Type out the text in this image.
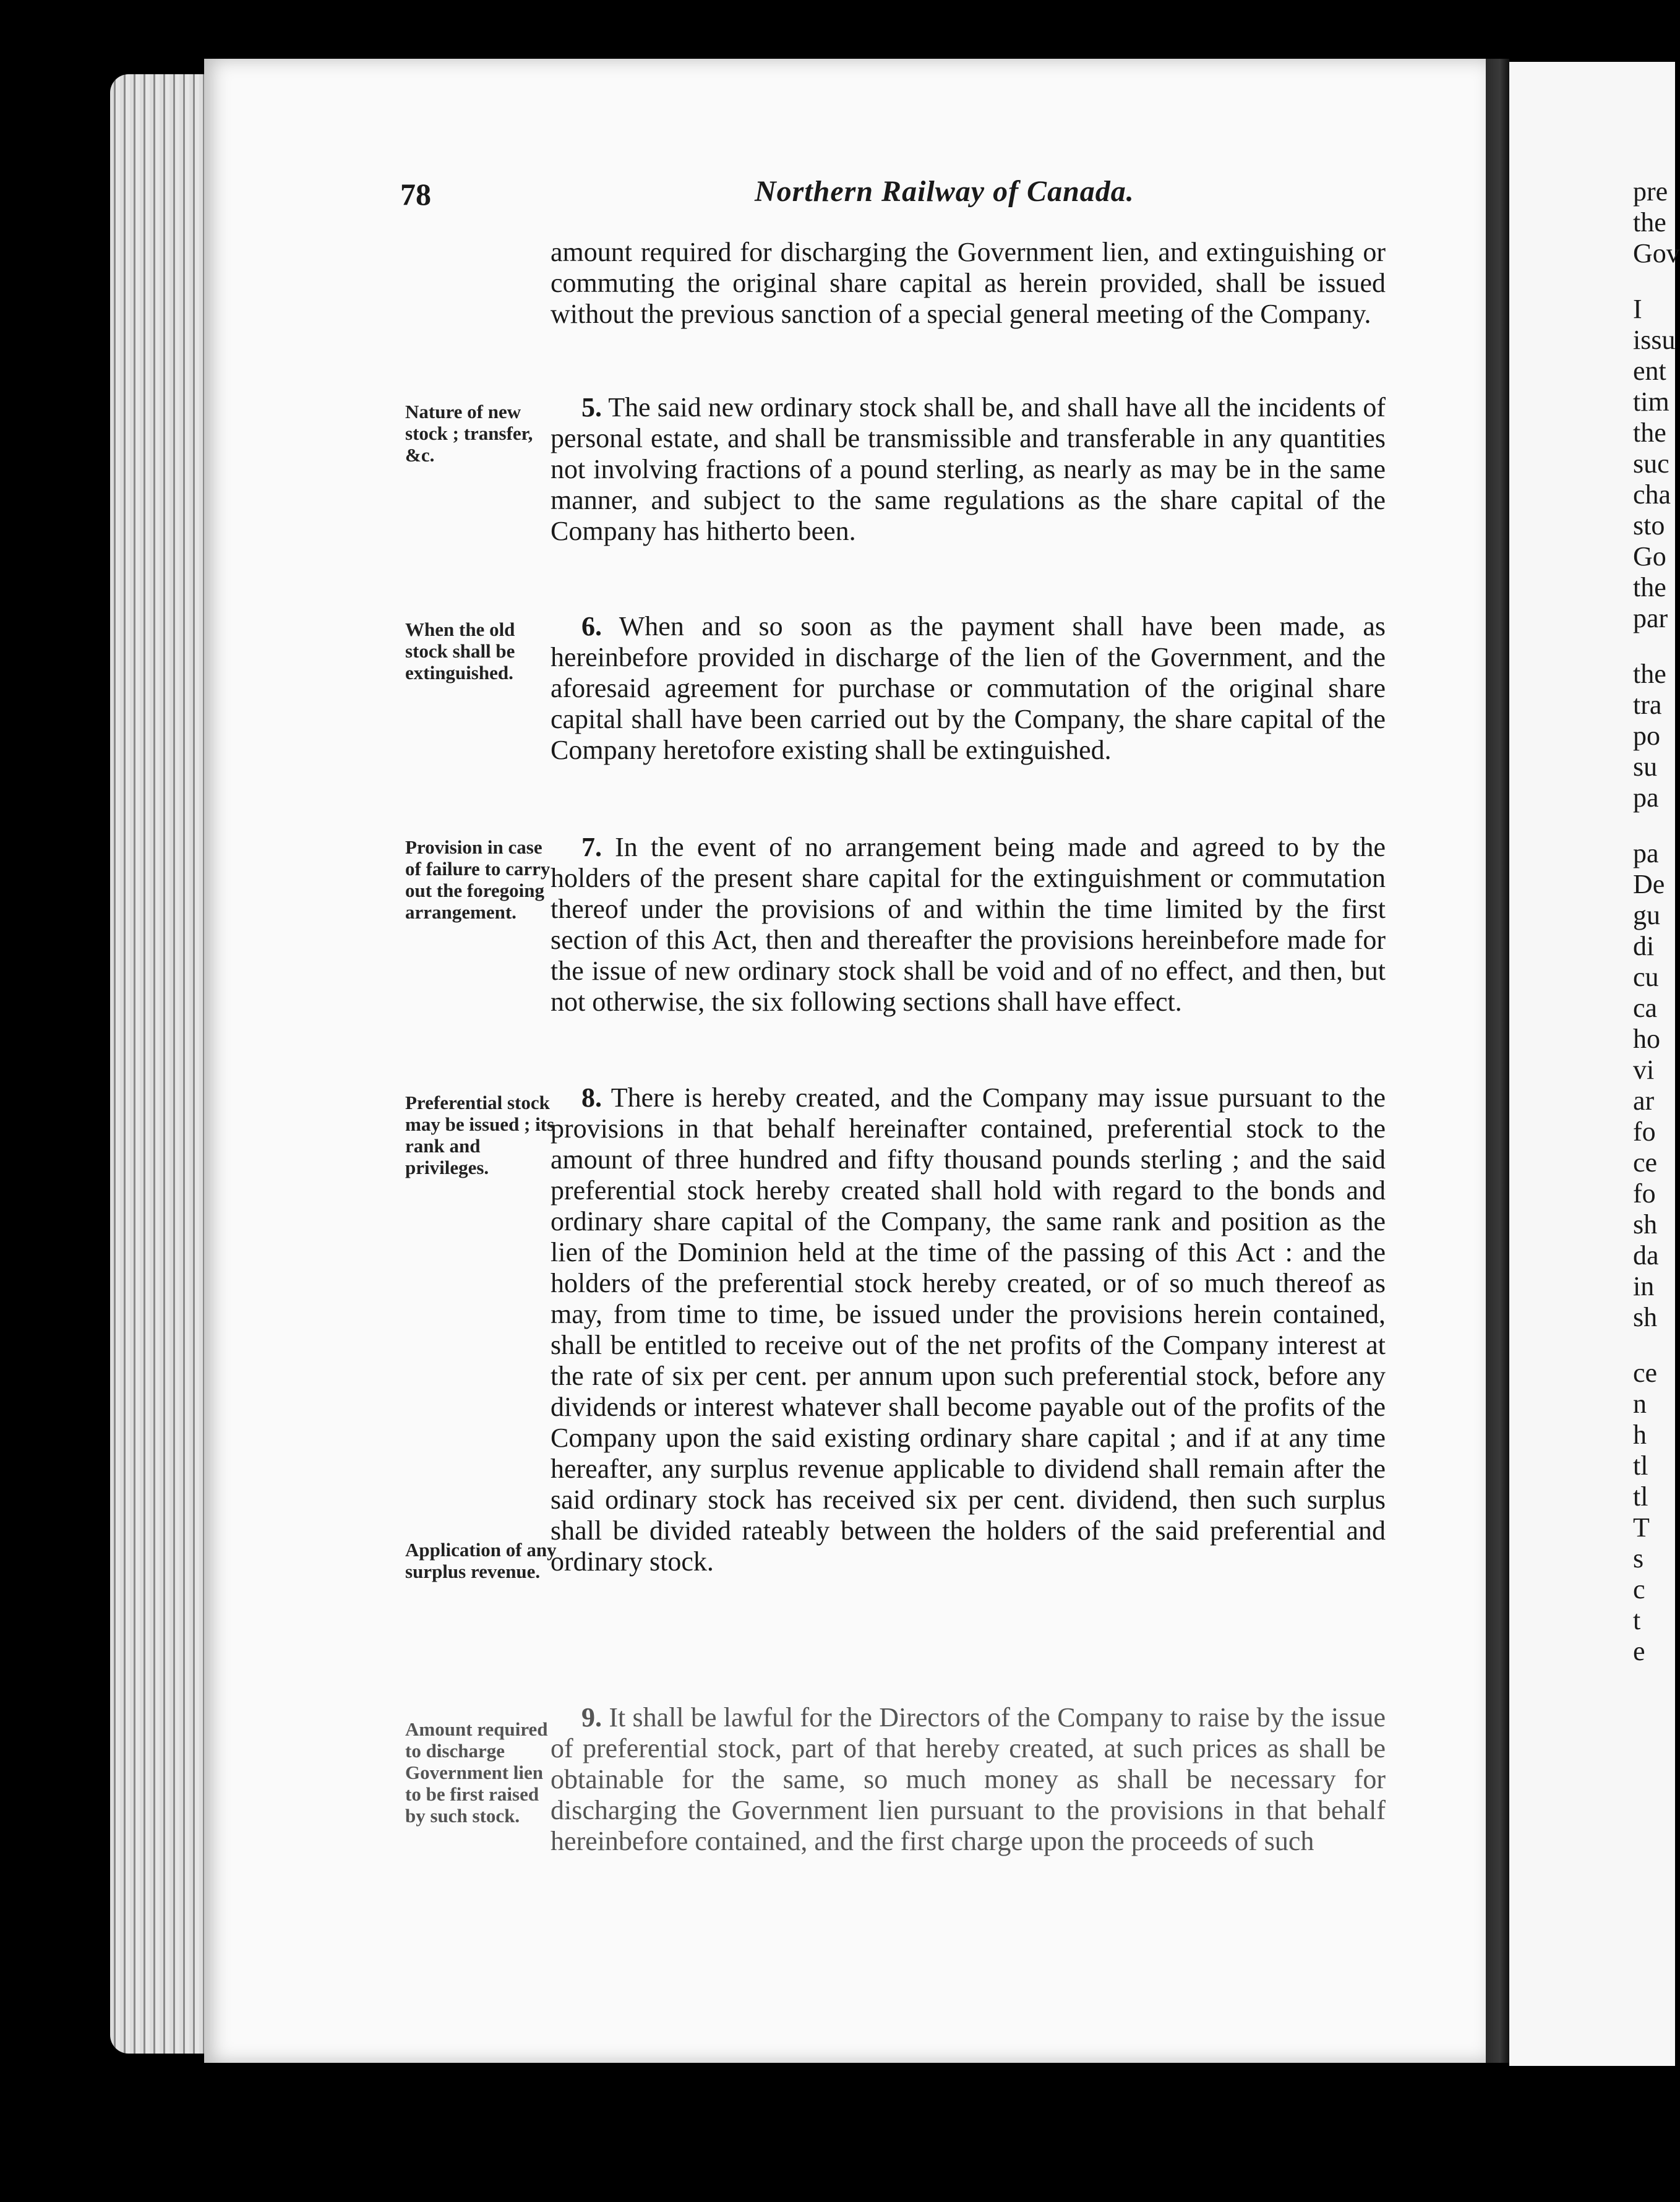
78	Northern Railway of Canada.
amount required for discharging the Government lien, and extinguishing or commuting the original share capital as herein provided, shall be issued without the previous sanction of a special general meeting of the Company.
Nature of new stock ; transfer, &c.
5. The said new ordinary stock shall be, and shall have all the incidents of personal estate, and shall be transmissible and transferable in any quantities not involving fractions of a pound sterling, as nearly as may be in the same manner, and subject to the same regulations as the share capital of the Company has hitherto been.
When the old stock shall be extinguished.
6. When and so soon as the payment shall have been made, as hereinbefore provided in discharge of the lien of the Government, and the aforesaid agreement for purchase or commutation of the original share capital shall have been carried out by the Company, the share capital of the Company heretofore existing shall be extinguished.
Provision in case of failure to carry out the foregoing arrangement.
7. In the event of no arrangement being made and agreed to by the holders of the present share capital for the extinguishment or commutation thereof under the provisions of and within the time limited by the first section of this Act, then and thereafter the provisions hereinbefore made for the issue of new ordinary stock shall be void and of no effect, and then, but not otherwise, the six following sections shall have effect.
Preferential stock may be issued ; its rank and privileges.
Application of any surplus revenue.
8. There is hereby created, and the Company may issue pursuant to the provisions in that behalf hereinafter contained, preferential stock to the amount of three hundred and fifty thousand pounds sterling ; and the said preferential stock hereby created shall hold with regard to the bonds and ordinary share capital of the Company, the same rank and position as the lien of the Dominion held at the time of the passing of this Act : and the holders of the preferential stock hereby created, or of so much thereof as may, from time to time, be issued under the provisions herein contained, shall be entitled to receive out of the net profits of the Company interest at the rate of six per cent. per annum upon such preferential stock, before any dividends or interest whatever shall become payable out of the profits of the Company upon the said existing ordinary share capital ; and if at any time hereafter, any surplus revenue applicable to dividend shall remain after the said ordinary stock has received six per cent. dividend, then such surplus shall be divided rateably between the holders of the said preferential and ordinary stock.
Amount required to discharge Government lien to be first raised by such stock.
9. It shall be lawful for the Directors of the Company to raise by the issue of preferential stock, part of that hereby created, at such prices as shall be obtainable for the same, so much money as shall be necessary for discharging the Government lien pursuant to the provisions in that behalf hereinbefore contained, and the first charge upon the proceeds of such
pre
the
Gov
I
issu
ent
tim
the
suc
cha
sto
Go
the
par
the
tra
po
su
pa
pa
De
gu
di
cu
ca
ho
vi
ar
fo
ce
fo
sh
da
in
sh
ce
n
h
tl
tl
T
s
c
t
e
